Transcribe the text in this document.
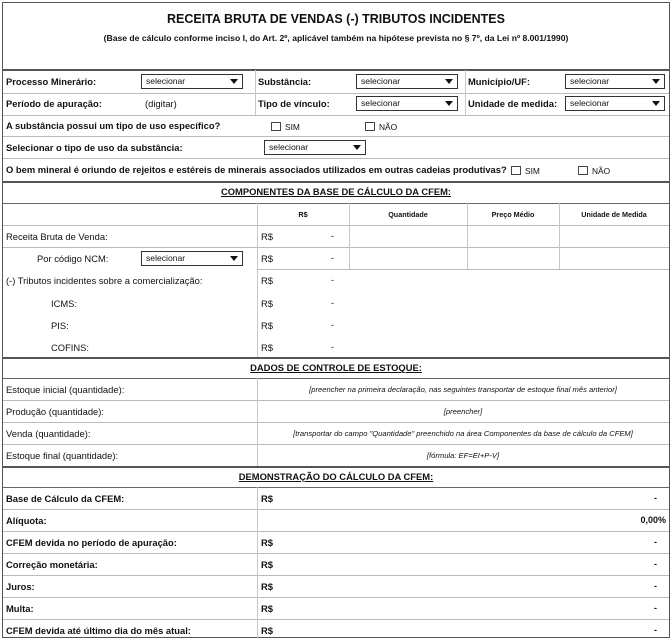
RECEITA BRUTA DE VENDAS (-) TRIBUTOS INCIDENTES
(Base de cálculo conforme inciso I, do Art. 2º, aplicável também na hipótese prevista no § 7º, da Lei nº 8.001/1990)
Processo Minerário:	selecionar	Substância:	selecionar	Município/UF:	selecionar
Período de apuração:	(digitar)	Tipo de vínculo:	selecionar	Unidade de medida: selecionar
A substância possui um tipo de uso específico?	SIM	NÃO
Selecionar o tipo de uso da substância:	selecionar
O bem mineral é oriundo de rejeitos e estéreis de minerais associados utilizados em outras cadeias produtivas? SIM	NÃO
COMPONENTES DA BASE DE CÁLCULO DA CFEM:
R$	Quantidade	Preço Médio	Unidade de Medida
Receita Bruta de Venda:	R$	-
Por código NCM:	selecionar	R$	-
(-) Tributos incidentes sobre a comercialização:	R$	-
ICMS:	R$	-
PIS:	R$	-
COFINS:	R$	-
DADOS DE CONTROLE DE ESTOQUE:
Estoque inicial (quantidade):	[preencher na primeira declaração, nas seguintes transportar de estoque final mês anterior]
Produção (quantidade):	[preencher]
Venda (quantidade):	[transportar do campo "Quantidade" preenchido na área Componentes da base de cálculo da CFEM]
Estoque final (quantidade):	[fórmula: EF=EI+P-V]
DEMONSTRAÇÃO DO CÁLCULO DA CFEM:
Base de Cálculo da CFEM:	R$	-
Alíquota:	0,00%
CFEM devida no período de apuração:	R$	-
Correção monetária:	R$	-
Juros:	R$	-
Multa:	R$	-
CFEM devida até último dia do mês atual:	R$	-
